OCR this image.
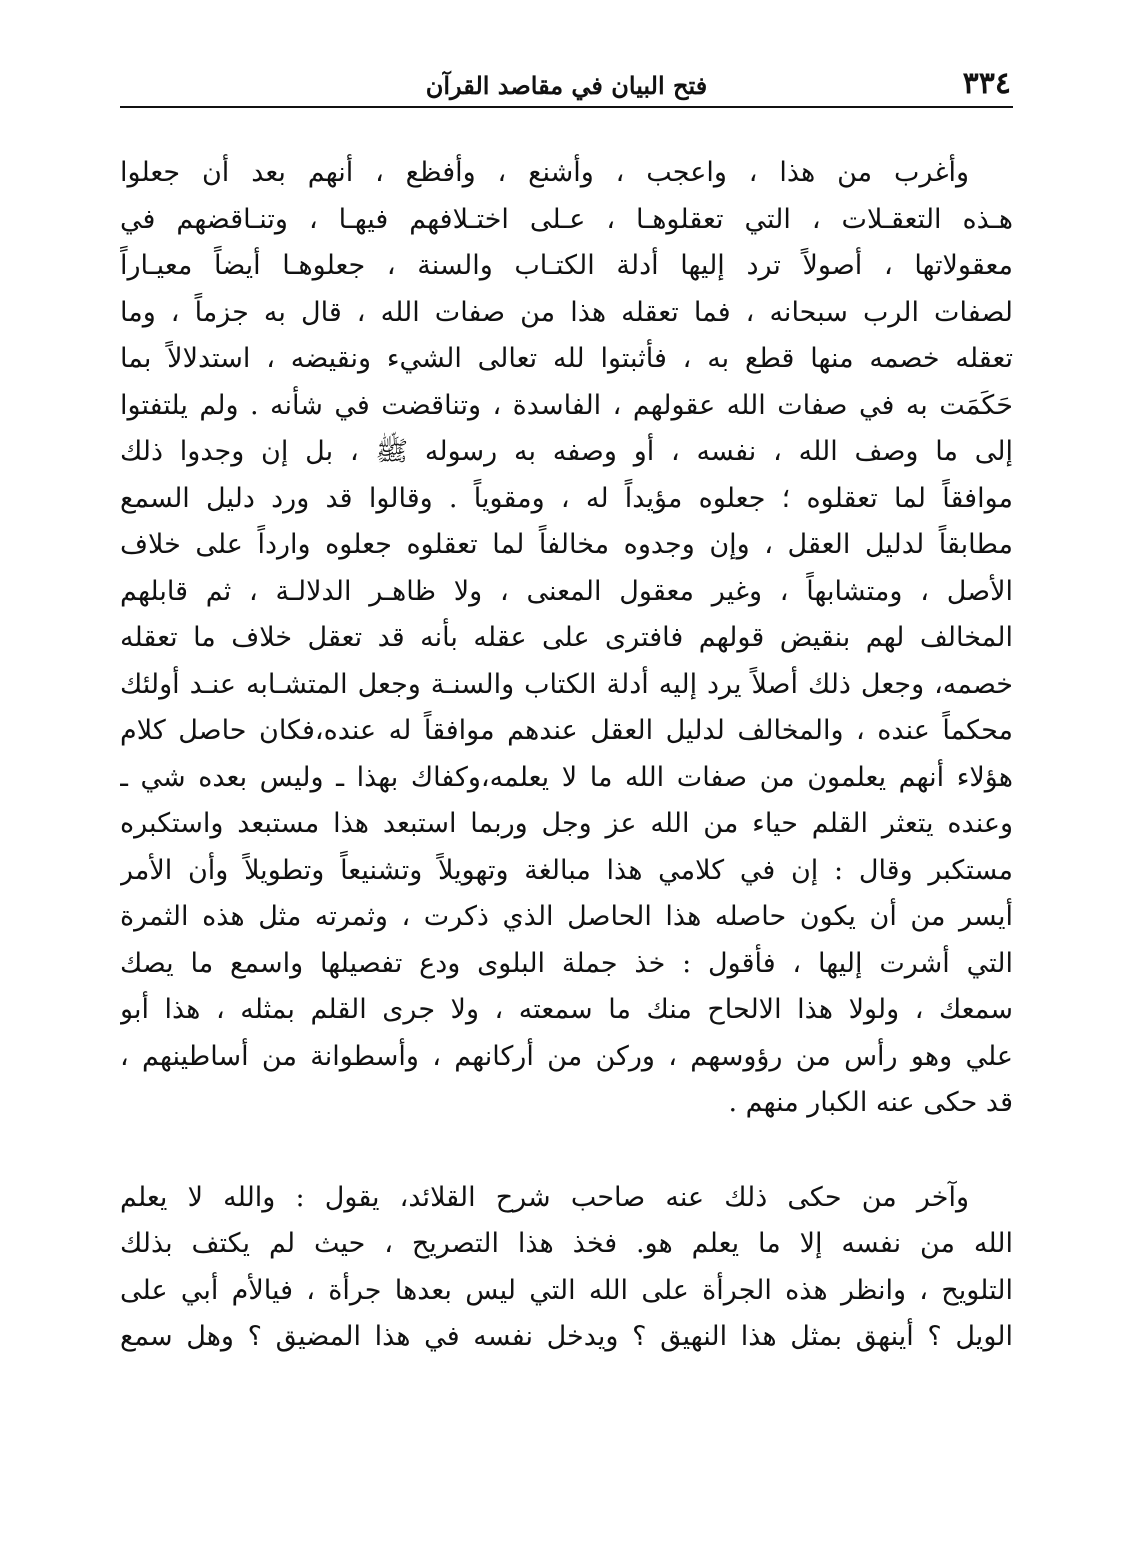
٣٣٤
فتح البيان في مقاصد القرآن
وأغرب من هذا ، واعجب ، وأشنع ، وأفظع ، أنهم بعد أن جعلوا
هـذه التعقـلات ، التي تعقلوهـا ، عـلى اختـلافهم فيهـا ، وتنـاقضهم في
معقولاتها ، أصولاً ترد إليها أدلة الكتـاب والسنة ، جعلوهـا أيضاً معيـاراً
لصفات الرب سبحانه ، فما تعقله هذا من صفات الله ، قال به جزماً ، وما
تعقله خصمه منها قطع به ، فأثبتوا لله تعالى الشيء ونقيضه ، استدلالاً بما
حَكَمَت به في صفات الله عقولهم ، الفاسدة ، وتناقضت في شأنه . ولم يلتفتوا
إلى ما وصف الله ، نفسه ، أو وصفه به رسوله ﷺ ، بل إن وجدوا ذلك
موافقاً لما تعقلوه ؛ جعلوه مؤيداً له ، ومقوياً . وقالوا قد ورد دليل السمع
مطابقاً لدليل العقل ، وإن وجدوه مخالفاً لما تعقلوه جعلوه وارداً على خلاف
الأصل ، ومتشابهاً ، وغير معقول المعنى ، ولا ظاهـر الدلالـة ، ثم قابلهم
المخالف لهم بنقيض قولهم فافترى على عقله بأنه قد تعقل خلاف ما تعقله
خصمه، وجعل ذلك أصلاً يرد إليه أدلة الكتاب والسنـة وجعل المتشـابه عنـد أولئك
محكماً عنده ، والمخالف لدليل العقل عندهم موافقاً له عنده،فكان حاصل كلام
هؤلاء أنهم يعلمون من صفات الله ما لا يعلمه،وكفاك بهذا ـ وليس بعده شي ـ
وعنده يتعثر القلم حياء من الله عز وجل وربما استبعد هذا مستبعد واستكبره
مستكبر وقال : إن في كلامي هذا مبالغة وتهويلاً وتشنيعاً وتطويلاً وأن الأمر
أيسر من أن يكون حاصله هذا الحاصل الذي ذكرت ، وثمرته مثل هذه الثمرة
التي أشرت إليها ، فأقول : خذ جملة البلوى ودع تفصيلها واسمع ما يصك
سمعك ، ولولا هذا الالحاح منك ما سمعته ، ولا جرى القلم بمثله ، هذا أبو
علي وهو رأس من رؤوسهم ، وركن من أركانهم ، وأسطوانة من أساطينهم ،
قد حكى عنه الكبار منهم .
وآخر من حكى ذلك عنه صاحب شرح القلائد، يقول : والله لا يعلم
الله من نفسه إلا ما يعلم هو. فخذ هذا التصريح ، حيث لم يكتف بذلك
التلويح ، وانظر هذه الجرأة على الله التي ليس بعدها جرأة ، فيالأم أبي على
الويل ؟ أينهق بمثل هذا النهيق ؟ ويدخل نفسه في هذا المضيق ؟ وهل سمع
